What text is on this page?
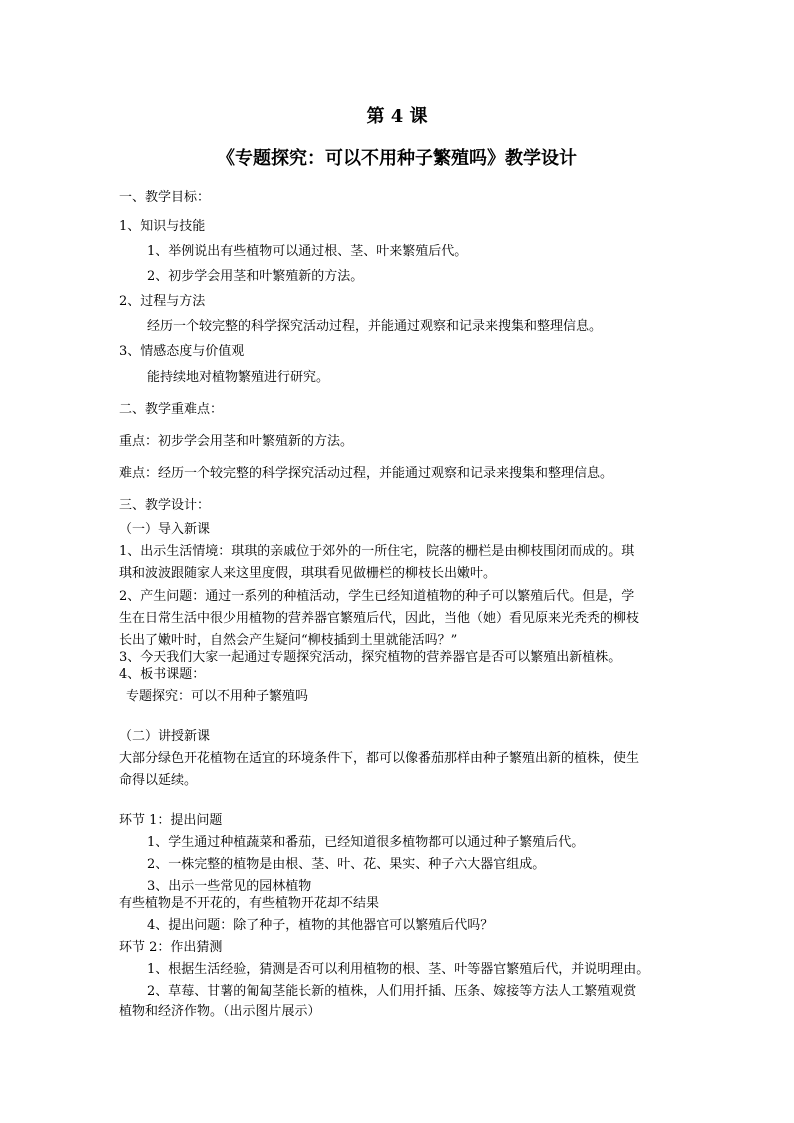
第 4 课
《专题探究：可以不用种子繁殖吗》教学设计
一、教学目标：
1、知识与技能
1、举例说出有些植物可以通过根、茎、叶来繁殖后代。
2、初步学会用茎和叶繁殖新的方法。
2、过程与方法
经历一个较完整的科学探究活动过程，并能通过观察和记录来搜集和整理信息。
3、情感态度与价值观
能持续地对植物繁殖进行研究。
二、教学重难点：
重点：初步学会用茎和叶繁殖新的方法。
难点：经历一个较完整的科学探究活动过程，并能通过观察和记录来搜集和整理信息。
三、教学设计：
（一）导入新课
1、出示生活情境：琪琪的亲戚位于郊外的一所住宅，院落的栅栏是由柳枝围闭而成的。琪
琪和波波跟随家人来这里度假，琪琪看见做栅栏的柳枝长出嫩叶。
2、产生问题：通过一系列的种植活动，学生已经知道植物的种子可以繁殖后代。但是，学
生在日常生活中很少用植物的营养器官繁殖后代，因此，当他（她）看见原来光秃秃的柳枝
长出了嫩叶时，自然会产生疑问“柳枝插到土里就能活吗？”
3、今天我们大家一起通过专题探究活动，探究植物的营养器官是否可以繁殖出新植株。
4、板书课题：
专题探究：可以不用种子繁殖吗
（二）讲授新课
大部分绿色开花植物在适宜的环境条件下，都可以像番茄那样由种子繁殖出新的植株，使生
命得以延续。
环节 1：提出问题
1、学生通过种植蔬菜和番茄，已经知道很多植物都可以通过种子繁殖后代。
2、一株完整的植物是由根、茎、叶、花、果实、种子六大器官组成。
3、出示一些常见的园林植物
有些植物是不开花的，有些植物开花却不结果
4、提出问题：除了种子，植物的其他器官可以繁殖后代吗？
环节 2：作出猜测
1、根据生活经验，猜测是否可以利用植物的根、茎、叶等器官繁殖后代，并说明理由。
2、草莓、甘薯的匍匐茎能长新的植株，人们用扦插、压条、嫁接等方法人工繁殖观赏
植物和经济作物。（出示图片展示）
